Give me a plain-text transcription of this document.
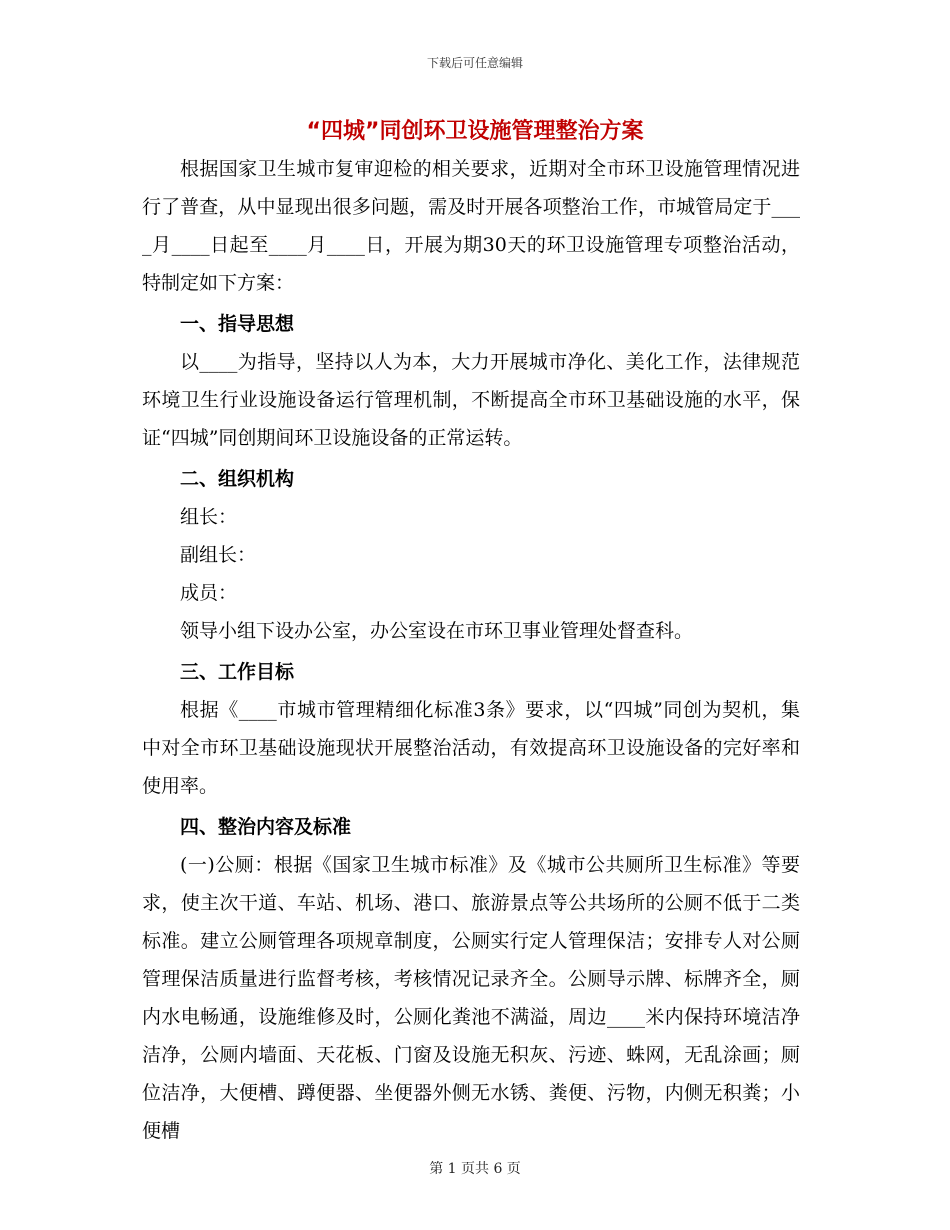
下载后可任意编辑
“四城”同创环卫设施管理整治方案

根据国家卫生城市复审迎检的相关要求，近期对全市环卫设施管理情况进行了普查，从中显现出很多问题，需及时开展各项整治工作，市城管局定于____月____日起至____月____日，开展为期30天的环卫设施管理专项整治活动，特制定如下方案：

一、指导思想

以____为指导，坚持以人为本，大力开展城市净化、美化工作，法律规范环境卫生行业设施设备运行管理机制，不断提高全市环卫基础设施的水平，保证“四城”同创期间环卫设施设备的正常运转。

二、组织机构

组长：

副组长：

成员：

领导小组下设办公室，办公室设在市环卫事业管理处督查科。

三、工作目标

根据《____市城市管理精细化标准3条》要求，以“四城”同创为契机，集中对全市环卫基础设施现状开展整治活动，有效提高环卫设施设备的完好率和使用率。

四、整治内容及标准

(一)公厕：根据《国家卫生城市标准》及《城市公共厕所卫生标准》等要求，使主次干道、车站、机场、港口、旅游景点等公共场所的公厕不低于二类标准。建立公厕管理各项规章制度，公厕实行定人管理保洁；安排专人对公厕管理保洁质量进行监督考核，考核情况记录齐全。公厕导示牌、标牌齐全，厕内水电畅通，设施维修及时，公厕化粪池不满溢，周边____米内保持环境洁净洁净，公厕内墙面、天花板、门窗及设施无积灰、污迹、蛛网，无乱涂画；厕位洁净，大便槽、蹲便器、坐便器外侧无水锈、粪便、污物，内侧无积粪；小便槽

第 1 页共 6 页
